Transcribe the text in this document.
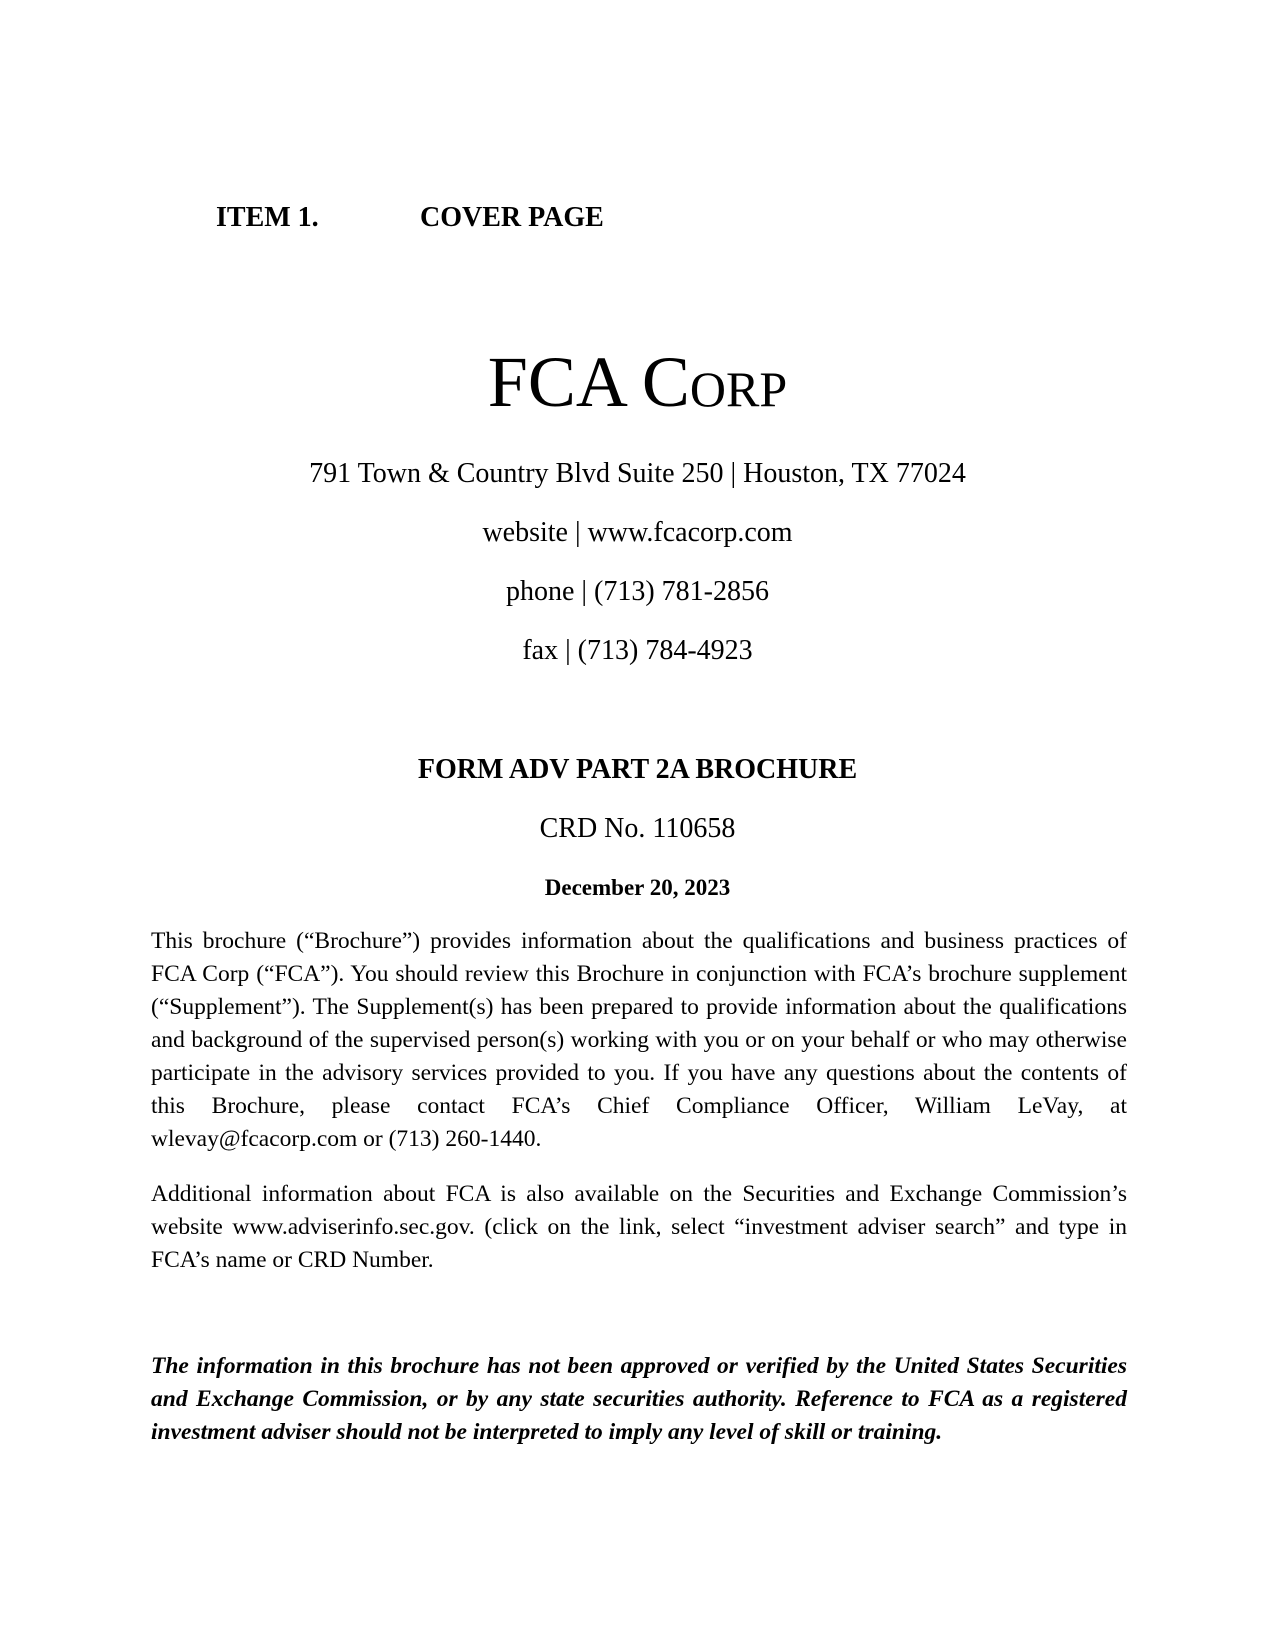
ITEM 1.	COVER PAGE
FCA Corp
791 Town & Country Blvd Suite 250 | Houston, TX 77024
website | www.fcacorp.com
phone | (713) 781-2856
fax | (713) 784-4923
FORM ADV PART 2A BROCHURE
CRD No. 110658
December 20, 2023

This brochure (“Brochure”) provides information about the qualifications and business practices of FCA Corp (“FCA”). You should review this Brochure in conjunction with FCA’s brochure supplement (“Supplement”). The Supplement(s) has been prepared to provide information about the qualifications and background of the supervised person(s) working with you or on your behalf or who may otherwise participate in the advisory services provided to you. If you have any questions about the contents of this Brochure, please contact FCA’s Chief Compliance Officer, William LeVay, at wlevay@fcacorp.com or (713) 260-1440.

Additional information about FCA is also available on the Securities and Exchange Commission’s website www.adviserinfo.sec.gov. (click on the link, select “investment adviser search” and type in FCA’s name or CRD Number.

The information in this brochure has not been approved or verified by the United States Securities and Exchange Commission, or by any state securities authority. Reference to FCA as a registered investment adviser should not be interpreted to imply any level of skill or training.
